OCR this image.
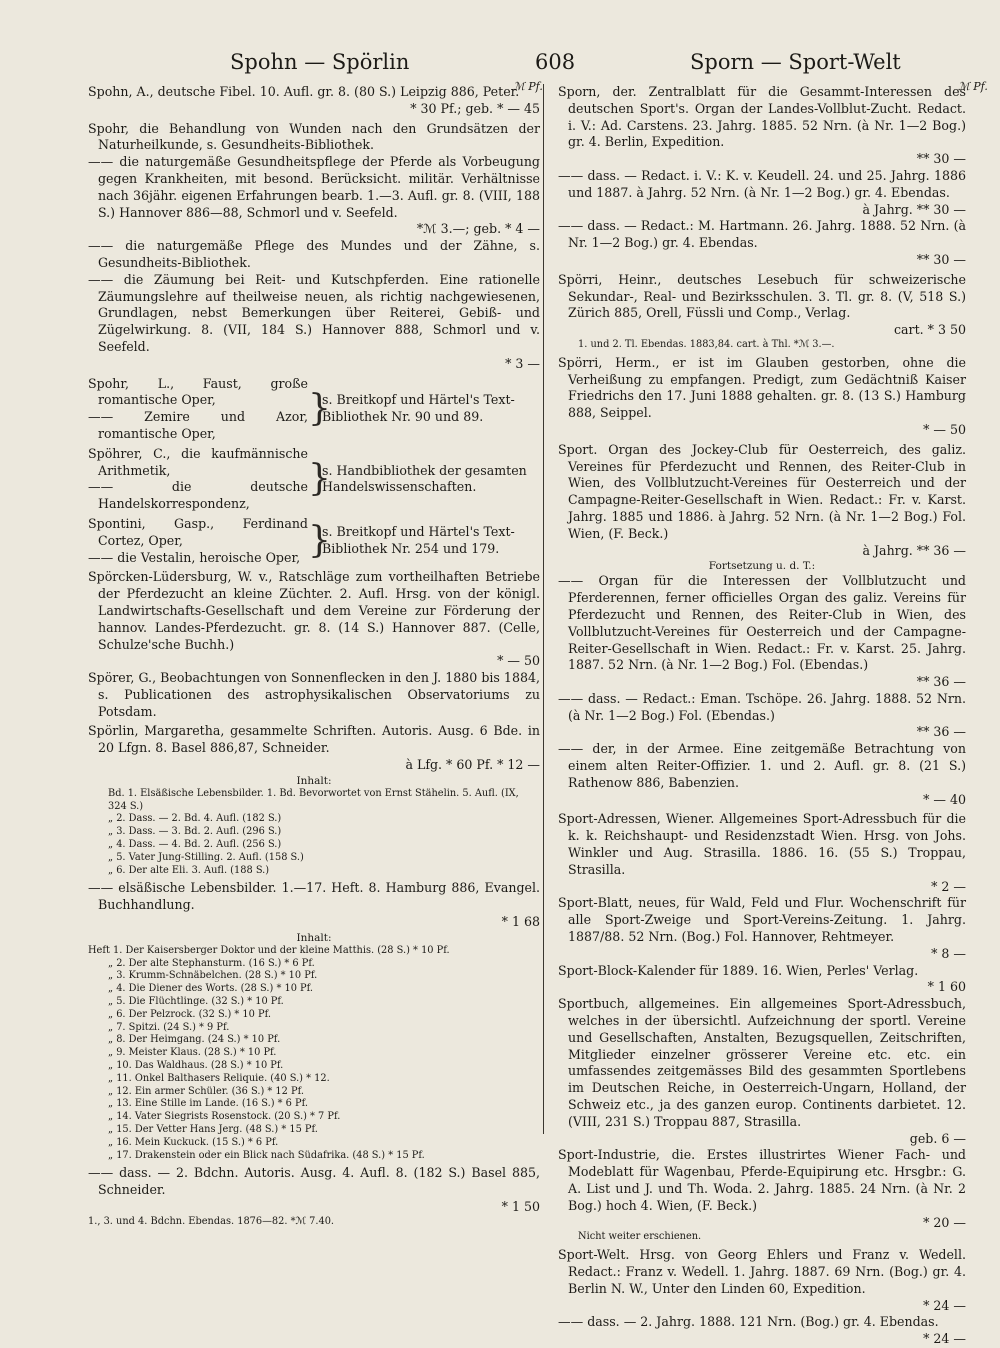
Spohn — Spörlin	608	Sporn — Sport-Welt
ℳ Pf.	ℳ Pf.

Spohn, A., deutsche Fibel. 10. Aufl. gr. 8. (80 S.) Leipzig 886, Peter.

* 30 Pf.; geb. * — 45

Spohr, die Behandlung von Wunden nach den Grundsätzen der Naturheilkunde, s. Gesundheits-Bibliothek.

—— die naturgemäße Gesundheitspflege der Pferde als Vorbeugung gegen Krankheiten, mit besond. Berücksicht. militär. Verhältnisse nach 36jähr. eigenen Erfahrungen bearb. 1.—3. Aufl. gr. 8. (VIII, 188 S.) Hannover 886—88, Schmorl und v. Seefeld.

*ℳ 3.—; geb. * 4 —

—— die naturgemäße Pflege des Mundes und der Zähne, s. Gesundheits-Bibliothek.

—— die Zäumung bei Reit- und Kutschpferden. Eine rationelle Zäumungslehre auf theilweise neuen, als richtig nachgewiesenen, Grundlagen, nebst Bemerkungen über Reiterei, Gebiß- und Zügelwirkung. 8. (VII, 184 S.) Hannover 888, Schmorl und v. Seefeld.

* 3 —

Spohr, L., Faust, große romantische Oper,

—— Zemire und Azor, romantische Oper,

}
s. Breitkopf und Härtel's Text-Bibliothek Nr. 90 und 89.

Spöhrer, C., die kaufmännische Arithmetik,

—— die deutsche Handelskorrespondenz,

}
s. Handbibliothek der gesamten Handelswissenschaften.

Spontini, Gasp., Ferdinand Cortez, Oper,

—— die Vestalin, heroische Oper, }
s. Breitkopf und Härtel's Text-Bibliothek Nr. 254 und 179.

Spörcken-Lüdersburg, W. v., Ratschläge zum vortheilhaften Betriebe der Pferdezucht an kleine Züchter. 2. Aufl. Hrsg. von der königl. Landwirtschafts-Gesellschaft und dem Vereine zur Förderung der hannov. Landes-Pferdezucht. gr. 8. (14 S.) Hannover 887. (Celle, Schulze'sche Buchh.)

* — 50

Spörer, G., Beobachtungen von Sonnenflecken in den J. 1880 bis 1884, s. Publicationen des astrophysikalischen Observatoriums zu Potsdam.

Spörlin, Margaretha, gesammelte Schriften. Autoris. Ausg. 6 Bde. in 20 Lfgn. 8. Basel 886,87, Schneider.

à Lfg. * 60 Pf. * 12 —

Inhalt:

Bd. 1. Elsäßische Lebensbilder. 1. Bd. Bevorwortet von Ernst Stähelin. 5. Aufl. (IX, 324 S.)

„ 2. Dass. — 2. Bd. 4. Aufl. (182 S.)

„ 3. Dass. — 3. Bd. 2. Aufl. (296 S.)

„ 4. Dass. — 4. Bd. 2. Aufl. (256 S.)

„ 5. Vater Jung-Stilling. 2. Aufl. (158 S.)

„ 6. Der alte Eli. 3. Aufl. (188 S.)

—— elsäßische Lebensbilder. 1.—17. Heft. 8. Hamburg 886, Evangel. Buchhandlung.

* 1 68

Inhalt:

Heft 1. Der Kaisersberger Doktor und der kleine Matthis. (28 S.) * 10 Pf.

„ 2. Der alte Stephansturm. (16 S.) * 6 Pf.

„ 3. Krumm-Schnäbelchen. (28 S.) * 10 Pf.

„ 4. Die Diener des Worts. (28 S.) * 10 Pf.

„ 5. Die Flüchtlinge. (32 S.) * 10 Pf.

„ 6. Der Pelzrock. (32 S.) * 10 Pf.

„ 7. Spitzi. (24 S.) * 9 Pf.

„ 8. Der Heimgang. (24 S.) * 10 Pf.

„ 9. Meister Klaus. (28 S.) * 10 Pf.

„ 10. Das Waldhaus. (28 S.) * 10 Pf.

„ 11. Onkel Balthasers Reliquie. (40 S.) * 12.

„ 12. Ein armer Schüler. (36 S.) * 12 Pf.

„ 13. Eine Stille im Lande. (16 S.) * 6 Pf.

„ 14. Vater Siegrists Rosenstock. (20 S.) * 7 Pf.

„ 15. Der Vetter Hans Jerg. (48 S.) * 15 Pf.

„ 16. Mein Kuckuck. (15 S.) * 6 Pf.

„ 17. Drakenstein oder ein Blick nach Südafrika. (48 S.) * 15 Pf.

—— dass. — 2. Bdchn. Autoris. Ausg. 4. Aufl. 8. (182 S.) Basel 885, Schneider.

* 1 50

1., 3. und 4. Bdchn. Ebendas. 1876—82. *ℳ 7.40.

Sporn, der. Zentralblatt für die Gesammt-Interessen des deutschen Sport's. Organ der Landes-Vollblut-Zucht. Redact. i. V.: Ad. Carstens. 23. Jahrg. 1885. 52 Nrn. (à Nr. 1—2 Bog.) gr. 4. Berlin, Expedition.

** 30 —

—— dass. — Redact. i. V.: K. v. Keudell. 24. und 25. Jahrg. 1886 und 1887. à Jahrg. 52 Nrn. (à Nr. 1—2 Bog.) gr. 4. Ebendas.

à Jahrg. ** 30 —

—— dass. — Redact.: M. Hartmann. 26. Jahrg. 1888. 52 Nrn. (à Nr. 1—2 Bog.) gr. 4. Ebendas.

** 30 —

Spörri, Heinr., deutsches Lesebuch für schweizerische Sekundar-, Real- und Bezirksschulen. 3. Tl. gr. 8. (V, 518 S.) Zürich 885, Orell, Füssli und Comp., Verlag.

cart. * 3 50

1. und 2. Tl. Ebendas. 1883,84. cart. à Thl. *ℳ 3.—.

Spörri, Herm., er ist im Glauben gestorben, ohne die Verheißung zu empfangen. Predigt, zum Gedächtniß Kaiser Friedrichs den 17. Juni 1888 gehalten. gr. 8. (13 S.) Hamburg 888, Seippel.

* — 50

Sport. Organ des Jockey-Club für Oesterreich, des galiz. Vereines für Pferdezucht und Rennen, des Reiter-Club in Wien, des Vollblutzucht-Vereines für Oesterreich und der Campagne-Reiter-Gesellschaft in Wien. Redact.: Fr. v. Karst. Jahrg. 1885 und 1886. à Jahrg. 52 Nrn. (à Nr. 1—2 Bog.) Fol. Wien, (F. Beck.)

à Jahrg. ** 36 —

Fortsetzung u. d. T.:

—— Organ für die Interessen der Vollblutzucht und Pferderennen, ferner officielles Organ des galiz. Vereins für Pferdezucht und Rennen, des Reiter-Club in Wien, des Vollblutzucht-Vereines für Oesterreich und der Campagne-Reiter-Gesellschaft in Wien. Redact.: Fr. v. Karst. 25. Jahrg. 1887. 52 Nrn. (à Nr. 1—2 Bog.) Fol. (Ebendas.)

** 36 —

—— dass. — Redact.: Eman. Tschöpe. 26. Jahrg. 1888. 52 Nrn. (à Nr. 1—2 Bog.) Fol. (Ebendas.)

** 36 —

—— der, in der Armee. Eine zeitgemäße Betrachtung von einem alten Reiter-Offizier. 1. und 2. Aufl. gr. 8. (21 S.) Rathenow 886, Babenzien.

* — 40

Sport-Adressen, Wiener. Allgemeines Sport-Adressbuch für die k. k. Reichshaupt- und Residenzstadt Wien. Hrsg. von Johs. Winkler und Aug. Strasilla. 1886. 16. (55 S.) Troppau, Strasilla.

* 2 —

Sport-Blatt, neues, für Wald, Feld und Flur. Wochenschrift für alle Sport-Zweige und Sport-Vereins-Zeitung. 1. Jahrg. 1887/88. 52 Nrn. (Bog.) Fol. Hannover, Rehtmeyer.

* 8 —

Sport-Block-Kalender für 1889. 16. Wien, Perles' Verlag.

* 1 60

Sportbuch, allgemeines. Ein allgemeines Sport-Adressbuch, welches in der übersichtl. Aufzeichnung der sportl. Vereine und Gesellschaften, Anstalten, Bezugsquellen, Zeitschriften, Mitglieder einzelner grösserer Vereine etc. etc. ein umfassendes zeitgemässes Bild des gesammten Sportlebens im Deutschen Reiche, in Oesterreich-Ungarn, Holland, der Schweiz etc., ja des ganzen europ. Continents darbietet. 12. (VIII, 231 S.) Troppau 887, Strasilla.

geb. 6 —

Sport-Industrie, die. Erstes illustrirtes Wiener Fach- und Modeblatt für Wagenbau, Pferde-Equipirung etc. Hrsgbr.: G. A. List und J. und Th. Woda. 2. Jahrg. 1885. 24 Nrn. (à Nr. 2 Bog.) hoch 4. Wien, (F. Beck.)

* 20 —

Nicht weiter erschienen.

Sport-Welt. Hrsg. von Georg Ehlers und Franz v. Wedell. Redact.: Franz v. Wedell. 1. Jahrg. 1887. 69 Nrn. (Bog.) gr. 4. Berlin N. W., Unter den Linden 60, Expedition.

* 24 —

—— dass. — 2. Jahrg. 1888. 121 Nrn. (Bog.) gr. 4. Ebendas.

* 24 —
